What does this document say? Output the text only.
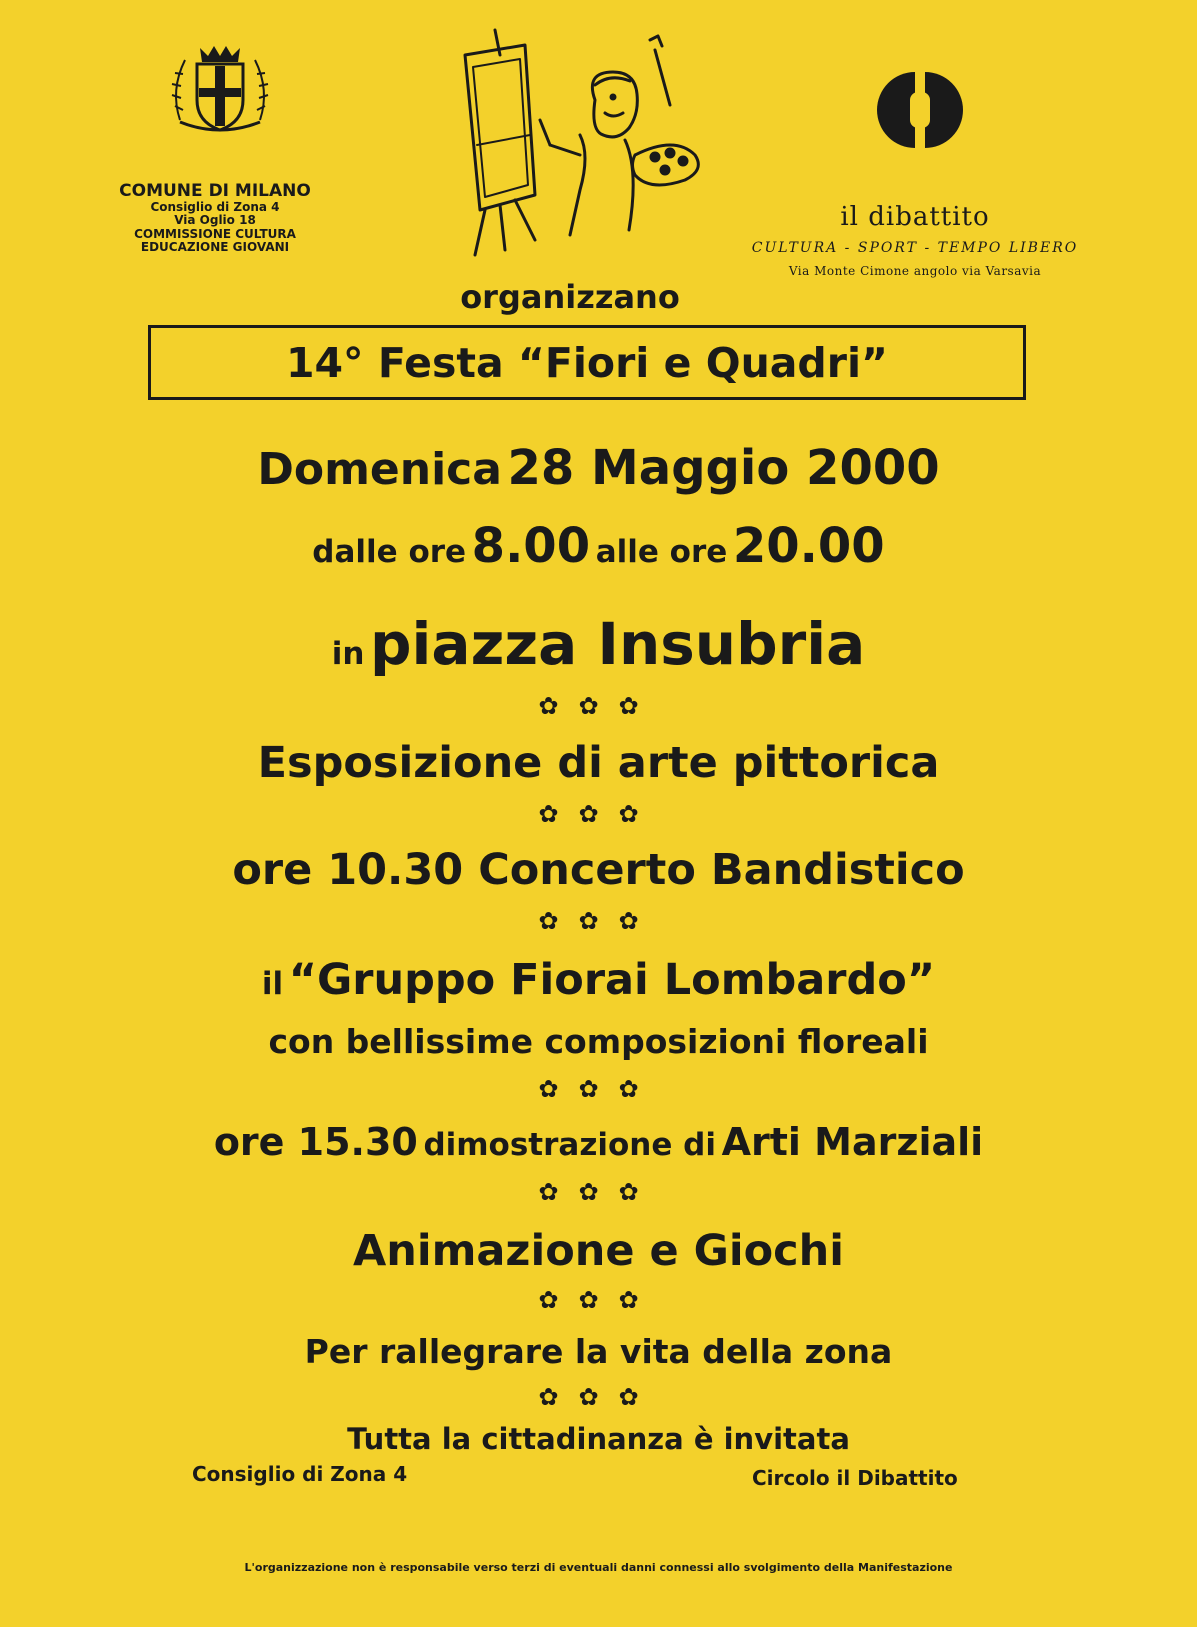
COMUNE DI MILANO
Consiglio di Zona 4
Via Oglio 18
COMMISSIONE CULTURA
EDUCAZIONE GIOVANI
organizzano
il dibattito
CULTURA - SPORT - TEMPO LIBERO
Via Monte Cimone angolo via Varsavia
14° Festa “Fiori e Quadri”
Domenica 28 Maggio 2000
dalle ore 8.00 alle ore 20.00
in piazza Insubria
✿✿✿
Esposizione di arte pittorica
✿✿✿
ore 10.30 Concerto Bandistico
✿✿✿
il “Gruppo Fiorai Lombardo”
con bellissime composizioni floreali
✿✿✿
ore 15.30 dimostrazione di Arti Marziali
✿✿✿
Animazione e Giochi
✿✿✿
Per rallegrare la vita della zona
✿✿✿
Tutta la cittadinanza è invitata
Consiglio di Zona 4	Circolo il Dibattito
L'organizzazione non è responsabile verso terzi di eventuali danni connessi allo svolgimento della Manifestazione
